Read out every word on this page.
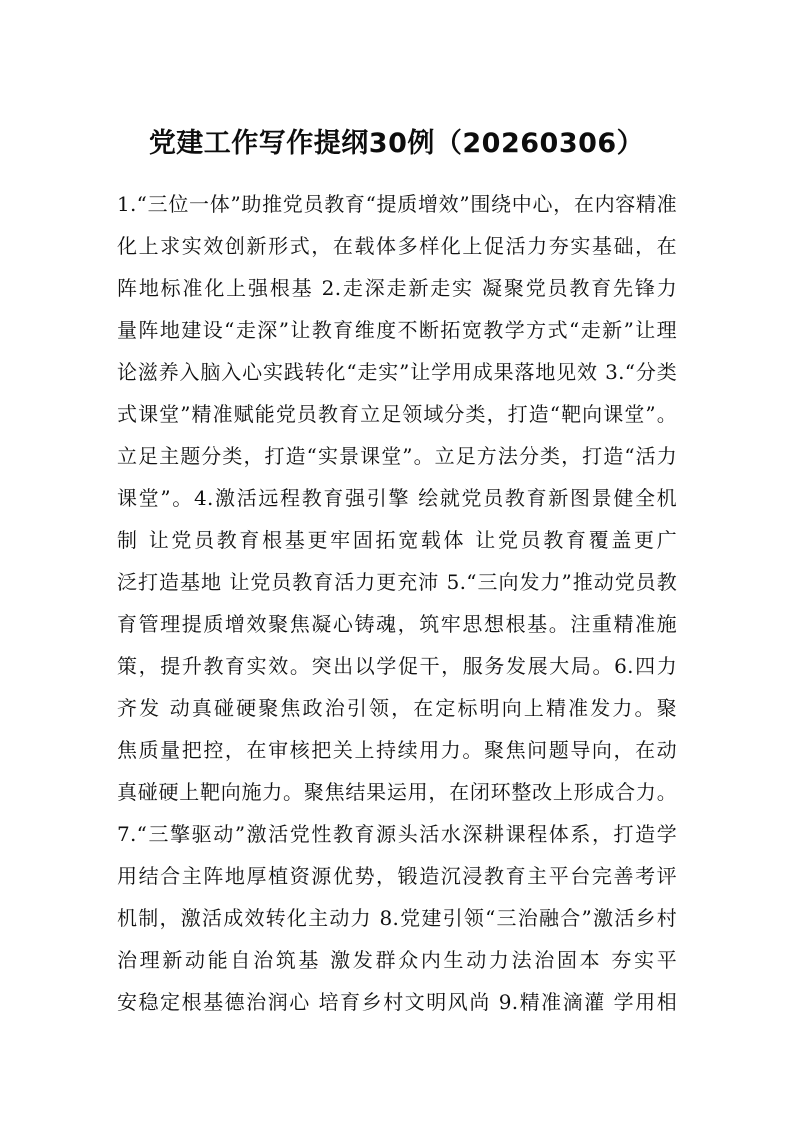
党建工作写作提纲30例（20260306）
1.“三位一体”助推党员教育“提质增效”围绕中心，在内容精准
化上求实效创新形式，在载体多样化上促活力夯实基础，在
阵地标准化上强根基 2.走深走新走实 凝聚党员教育先锋力
量阵地建设“走深”让教育维度不断拓宽教学方式“走新”让理
论滋养入脑入心实践转化“走实”让学用成果落地见效 3.“分类
式课堂”精准赋能党员教育立足领域分类，打造“靶向课堂”。
立足主题分类，打造“实景课堂”。立足方法分类，打造“活力
课堂”。4.激活远程教育强引擎 绘就党员教育新图景健全机
制 让党员教育根基更牢固拓宽载体 让党员教育覆盖更广
泛打造基地 让党员教育活力更充沛 5.“三向发力”推动党员教
育管理提质增效聚焦凝心铸魂，筑牢思想根基。注重精准施
策，提升教育实效。突出以学促干，服务发展大局。6.四力
齐发 动真碰硬聚焦政治引领，在定标明向上精准发力。聚
焦质量把控，在审核把关上持续用力。聚焦问题导向，在动
真碰硬上靶向施力。聚焦结果运用，在闭环整改上形成合力。
7.“三擎驱动”激活党性教育源头活水深耕课程体系，打造学
用结合主阵地厚植资源优势，锻造沉浸教育主平台完善考评
机制，激活成效转化主动力 8.党建引领“三治融合”激活乡村
治理新动能自治筑基 激发群众内生动力法治固本 夯实平
安稳定根基德治润心 培育乡村文明风尚 9.精准滴灌 学用相
